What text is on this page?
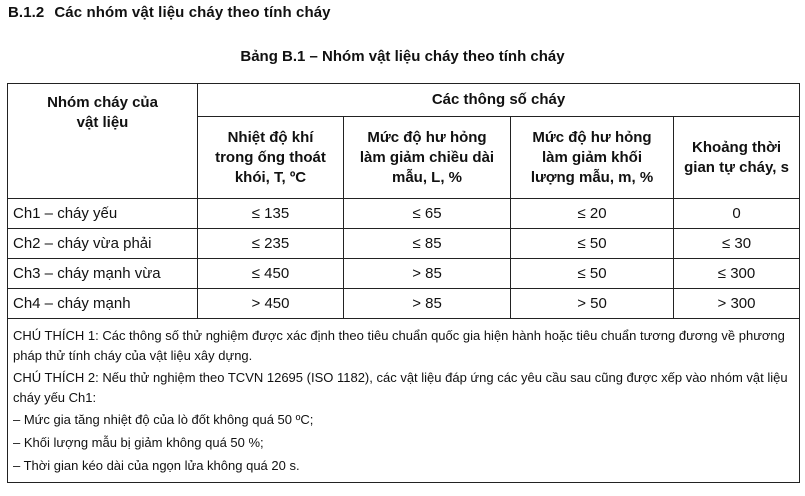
B.1.2 Các nhóm vật liệu cháy theo tính cháy
Bảng B.1 – Nhóm vật liệu cháy theo tính cháy
Nhóm cháy của vật liệu	Các thông số cháy			
	Nhiệt độ khí trong ống thoát khói, T, ºC	Mức độ hư hỏng làm giảm chiều dài mẫu, L, %	Mức độ hư hỏng làm giảm khối lượng mẫu, m, %	Khoảng thời gian tự cháy, s
Ch1 – cháy yếu	≤ 135	≤ 65	≤ 20	0
Ch2 – cháy vừa phải	≤ 235	≤ 85	≤ 50	≤ 30
Ch3 – cháy mạnh vừa	≤ 450	> 85	≤ 50	≤ 300
Ch4 – cháy mạnh	> 450	> 85	> 50	> 300

CHÚ THÍCH 1: Các thông số thử nghiệm được xác định theo tiêu chuẩn quốc gia hiện hành hoặc tiêu chuẩn tương đương về phương pháp thử tính cháy của vật liệu xây dựng.

CHÚ THÍCH 2: Nếu thử nghiệm theo TCVN 12695 (ISO 1182), các vật liệu đáp ứng các yêu cầu sau cũng được xếp vào nhóm vật liệu cháy yếu Ch1:

– Mức gia tăng nhiệt độ của lò đốt không quá 50 ºC;

– Khối lượng mẫu bị giảm không quá 50 %;

– Thời gian kéo dài của ngọn lửa không quá 20 s.				
